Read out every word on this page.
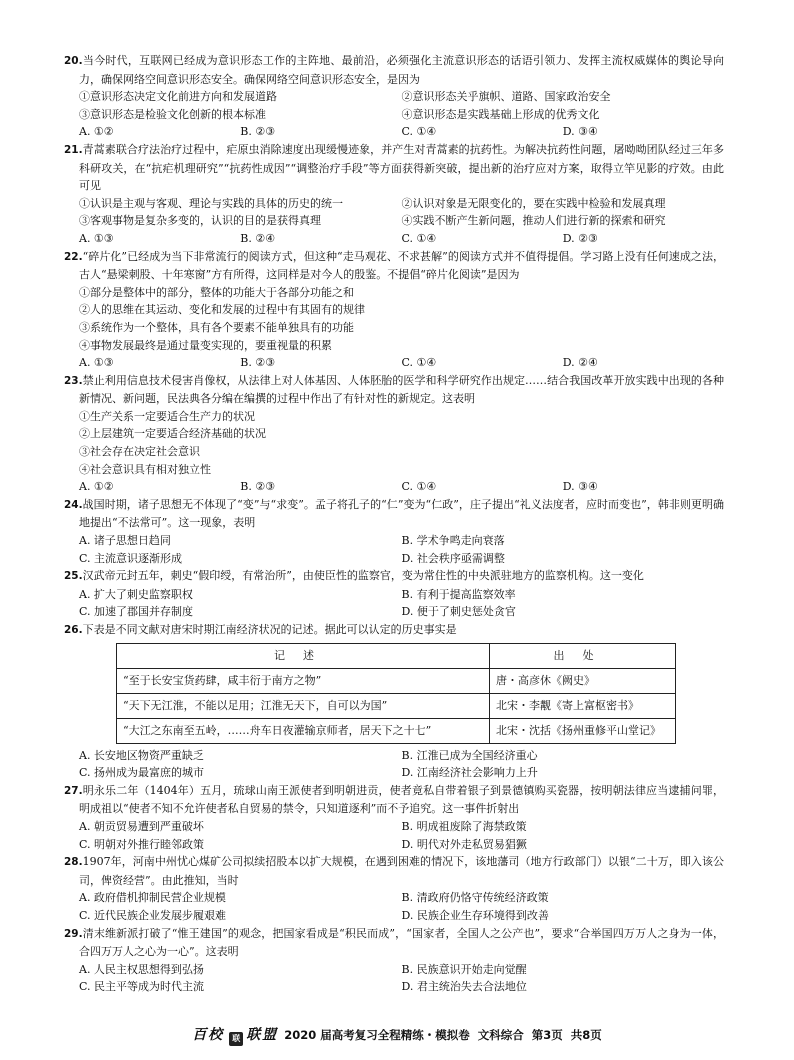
20.当今时代，互联网已经成为意识形态工作的主阵地、最前沿，必须强化主流意识形态的话语引领力、发挥主流权威媒体的舆论导向力，确保网络空间意识形态安全。确保网络空间意识形态安全，是因为

①意识形态决定文化前进方向和发展道路	②意识形态关乎旗帜、道路、国家政治安全
③意识形态是检验文化创新的根本标准	④意识形态是实践基础上形成的优秀文化
A. ①②	B. ②③	C. ①④	D. ③④

21.青蒿素联合疗法治疗过程中，疟原虫消除速度出现缓慢迹象，并产生对青蒿素的抗药性。为解决抗药性问题，屠呦呦团队经过三年多科研攻关，在“抗疟机理研究”“抗药性成因”“调整治疗手段”等方面获得新突破，提出新的治疗应对方案，取得立竿见影的疗效。由此可见

①认识是主观与客观、理论与实践的具体的历史的统一	②认识对象是无限变化的，要在实践中检验和发展真理
③客观事物是复杂多变的，认识的目的是获得真理	④实践不断产生新问题，推动人们进行新的探索和研究
A. ①③	B. ②④	C. ①④	D. ②③

22.“碎片化”已经成为当下非常流行的阅读方式，但这种“走马观花、不求甚解”的阅读方式并不值得提倡。学习路上没有任何速成之法，古人“悬梁刺股、十年寒窗”方有所得，这同样是对今人的殷鉴。不提倡“碎片化阅读”是因为

①部分是整体中的部分，整体的功能大于各部分功能之和
②人的思维在其运动、变化和发展的过程中有其固有的规律
③系统作为一个整体，具有各个要素不能单独具有的功能
④事物发展最终是通过量变实现的，要重视量的积累
A. ①③	B. ②③	C. ①④	D. ②④

23.禁止利用信息技术侵害肖像权，从法律上对人体基因、人体胚胎的医学和科学研究作出规定……结合我国改革开放实践中出现的各种新情况、新问题，民法典各分编在编撰的过程中作出了有针对性的新规定。这表明

①生产关系一定要适合生产力的状况
②上层建筑一定要适合经济基础的状况
③社会存在决定社会意识
④社会意识具有相对独立性
A. ①②	B. ②③	C. ①④	D. ③④

24.战国时期，诸子思想无不体现了“变”与“求变”。孟子将孔子的“仁”变为“仁政”，庄子提出“礼义法度者，应时而变也”，韩非则更明确地提出“不法常可”。这一现象，表明

A. 诸子思想日趋同	B. 学术争鸣走向衰落
C. 主流意识逐渐形成	D. 社会秩序亟需调整

25.汉武帝元封五年，刺史“假印绶，有常治所”，由使臣性的监察官，变为常住性的中央派驻地方的监察机构。这一变化

A. 扩大了刺史监察职权	B. 有利于提高监察效率
C. 加速了郡国并存制度	D. 便于了刺史惩处贪官

26.下表是不同文献对唐宋时期江南经济状况的记述。据此可以认定的历史事实是

记述	出处
“至于长安宝货药肆，咸丰衍于南方之物”	唐・高彦休《阙史》
“天下无江淮，不能以足用；江淮无天下，自可以为国”	北宋・李觏《寄上富枢密书》
“大江之东南至五岭，……舟车日夜灌输京师者，居天下之十七”	北宋・沈括《扬州重修平山堂记》
A. 长安地区物资严重缺乏	B. 江淮已成为全国经济重心
C. 扬州成为最富庶的城市	D. 江南经济社会影响力上升

27.明永乐二年（1404年）五月，琉球山南王派使者到明朝进贡，使者竟私自带着银子到景德镇购买瓷器，按明朝法律应当逮捕问罪，明成祖以“使者不知不允许使者私自贸易的禁令，只知道逐利”而不予追究。这一事件折射出

A. 朝贡贸易遭到严重破坏	B. 明成祖废除了海禁政策
C. 明朝对外推行睦邻政策	D. 明代对外走私贸易猖獗

28.1907年，河南中州忧心煤矿公司拟续招股本以扩大规模，在遇到困难的情况下，该地藩司（地方行政部门）以银“二十万，即入该公司，俾资经营”。由此推知，当时

A. 政府借机抑制民营企业规模	B. 清政府仍恪守传统经济政策
C. 近代民族企业发展步履艰难	D. 民族企业生存环境得到改善

29.清末维新派打破了“惟王建国”的观念，把国家看成是“积民而成”，“国家者，全国人之公产也”，要求“合举国四万万人之身为一体，合四万万人之心为一心”。这表明

A. 人民主权思想得到弘扬	B. 民族意识开始走向觉醒
C. 民主平等成为时代主流	D. 君主统治失去合法地位
百校 联 联盟 2020 届高考复习全程精练・模拟卷 文科综合 第3页 共8页
